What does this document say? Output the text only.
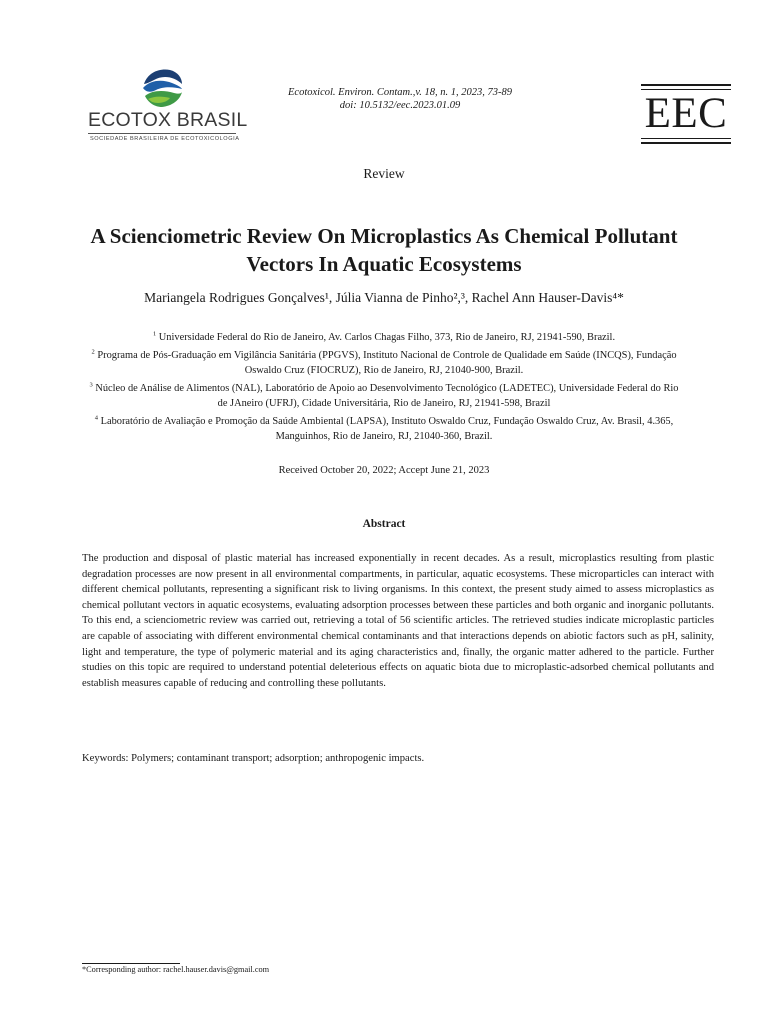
ECOTOX BRASIL
SOCIEDADE BRASILEIRA DE ECOTOXICOLOGIA
Ecotoxicol. Environ. Contam.,v. 18, n. 1, 2023, 73-89
doi: 10.5132/eec.2023.01.09	EEC
Review
A Scienciometric Review On Microplastics As Chemical Pollutant Vectors In Aquatic Ecosystems
Mariangela Rodrigues Gonçalves¹, Júlia Vianna de Pinho²,³, Rachel Ann Hauser-Davis⁴*
$^1$ Universidade Federal do Rio de Janeiro, Av. Carlos Chagas Filho, 373, Rio de Janeiro, RJ, 21941-590, Brazil.
$^2$ Programa de Pós-Graduação em Vigilância Sanitária (PPGVS), Instituto Nacional de Controle de Qualidade em Saúde (INCQS), Fundação Oswaldo Cruz (FIOCRUZ), Rio de Janeiro, RJ, 21040-900, Brazil.
$^3$ Núcleo de Análise de Alimentos (NAL), Laboratório de Apoio ao Desenvolvimento Tecnológico (LADETEC), Universidade Federal do Rio de JAneiro (UFRJ), Cidade Universitária, Rio de Janeiro, RJ, 21941-598, Brazil
$^4$ Laboratório de Avaliação e Promoção da Saúde Ambiental (LAPSA), Instituto Oswaldo Cruz, Fundação Oswaldo Cruz, Av. Brasil, 4.365, Manguinhos, Rio de Janeiro, RJ, 21040-360, Brazil.
Received October 20, 2022; Accept June 21, 2023
Abstract
The production and disposal of plastic material has increased exponentially in recent decades. As a result, microplastics resulting from plastic degradation processes are now present in all environmental compartments, in particular, aquatic ecosystems. These microparticles can interact with different chemical pollutants, representing a significant risk to living organisms. In this context, the present study aimed to assess microplastics as chemical pollutant vectors in aquatic ecosystems, evaluating adsorption processes between these particles and both organic and inorganic pollutants. To this end, a scienciometric review was carried out, retrieving a total of 56 scientific articles. The retrieved studies indicate microplastic particles are capable of associating with different environmental chemical contaminants and that interactions depends on abiotic factors such as pH, salinity, light and temperature, the type of polymeric material and its aging characteristics and, finally, the organic matter adhered to the particle. Further studies on this topic are required to understand potential deleterious effects on aquatic biota due to microplastic-adsorbed chemical pollutants and establish measures capable of reducing and controlling these pollutants.
Keywords: Polymers; contaminant transport; adsorption; anthropogenic impacts.
*Corresponding author: rachel.hauser.davis@gmail.com
